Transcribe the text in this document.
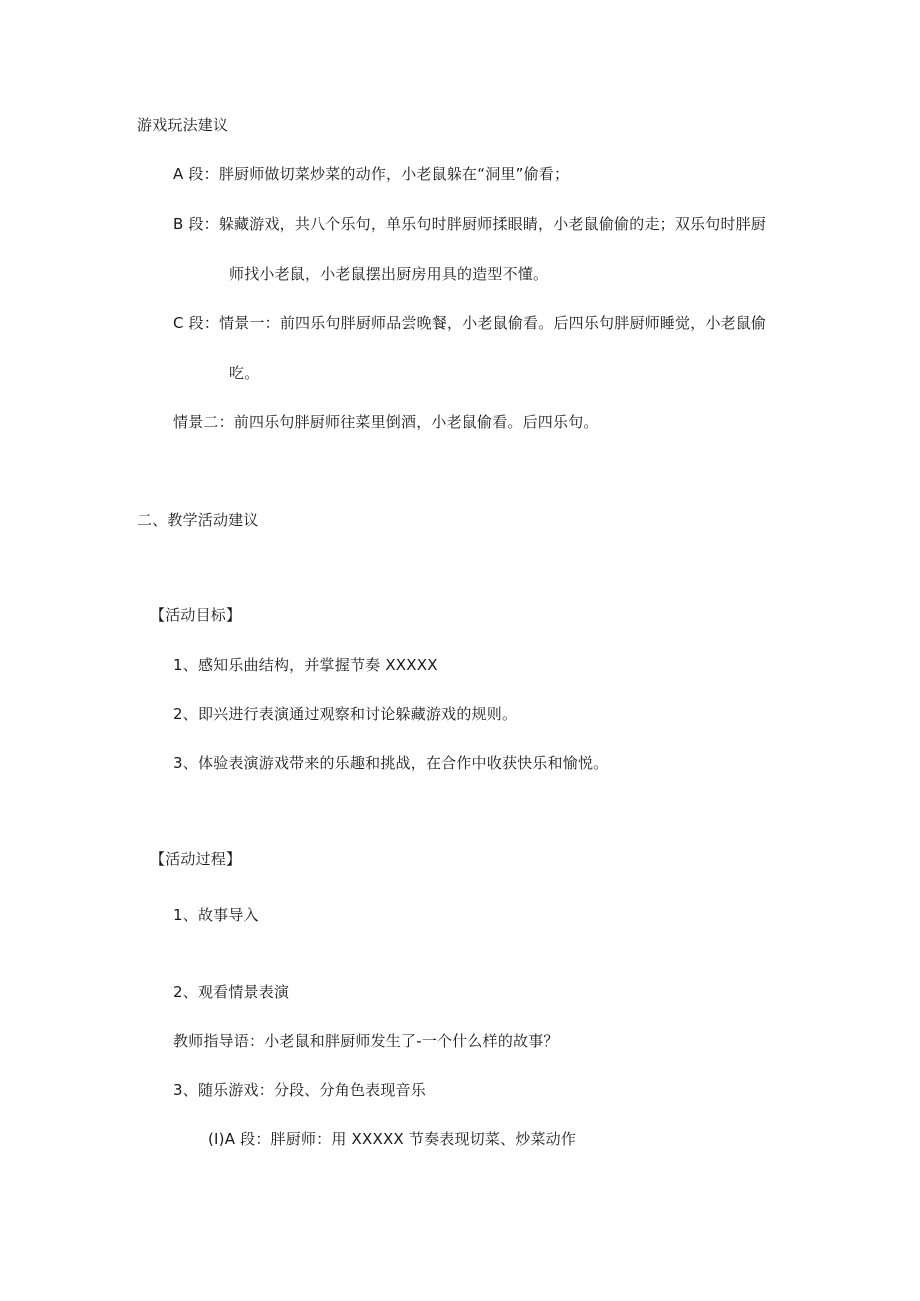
游戏玩法建议

A 段：胖厨师做切菜炒菜的动作，小老鼠躲在“洞里”偷看；

B 段：躲藏游戏，共八个乐句，单乐句时胖厨师揉眼睛，小老鼠偷偷的走；双乐句时胖厨

师找小老鼠，小老鼠摆出厨房用具的造型不懂。

C 段：情景一：前四乐句胖厨师品尝晚餐，小老鼠偷看。后四乐句胖厨师睡觉，小老鼠偷

吃。

情景二：前四乐句胖厨师往菜里倒酒，小老鼠偷看。后四乐句。

二、教学活动建议

【活动目标】

1、感知乐曲结构，并掌握节奏 XXXXX

2、即兴进行表演通过观察和讨论躲藏游戏的规则。

3、体验表演游戏带来的乐趣和挑战，在合作中收获快乐和愉悦。

【活动过程】

1、故事导入

2、观看情景表演

教师指导语：小老鼠和胖厨师发生了-一个什么样的故事？

3、随乐游戏：分段、分角色表现音乐

(I)A 段：胖厨师：用 XXXXX 节奏表现切菜、炒菜动作
